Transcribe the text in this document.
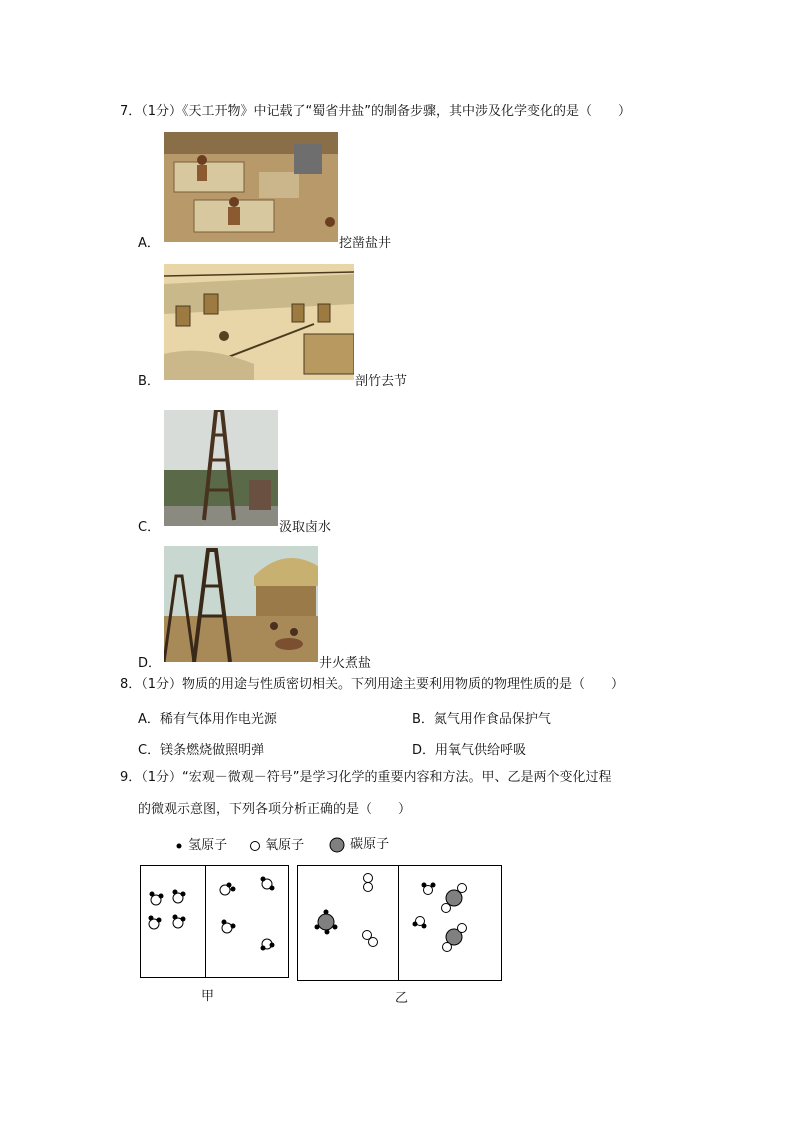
7．（1分）《天工开物》中记载了“蜀省井盐”的制备步骤，其中涉及化学变化的是（　　）
A．	挖凿盐井
B．	剖竹去节
C．	汲取卤水
D．	井火煮盐
8．（1分）物质的用途与性质密切相关。下列用途主要利用物质的物理性质的是（　　）
A．稀有气体用作电光源	B．氮气用作食品保护气
C．镁条燃烧做照明弹	D．用氧气供给呼吸
9．（1分）“宏观－微观－符号”是学习化学的重要内容和方法。甲、乙是两个变化过程
的微观示意图，下列各项分析正确的是（　　）
氢原子	氧原子	碳原子
甲	乙
